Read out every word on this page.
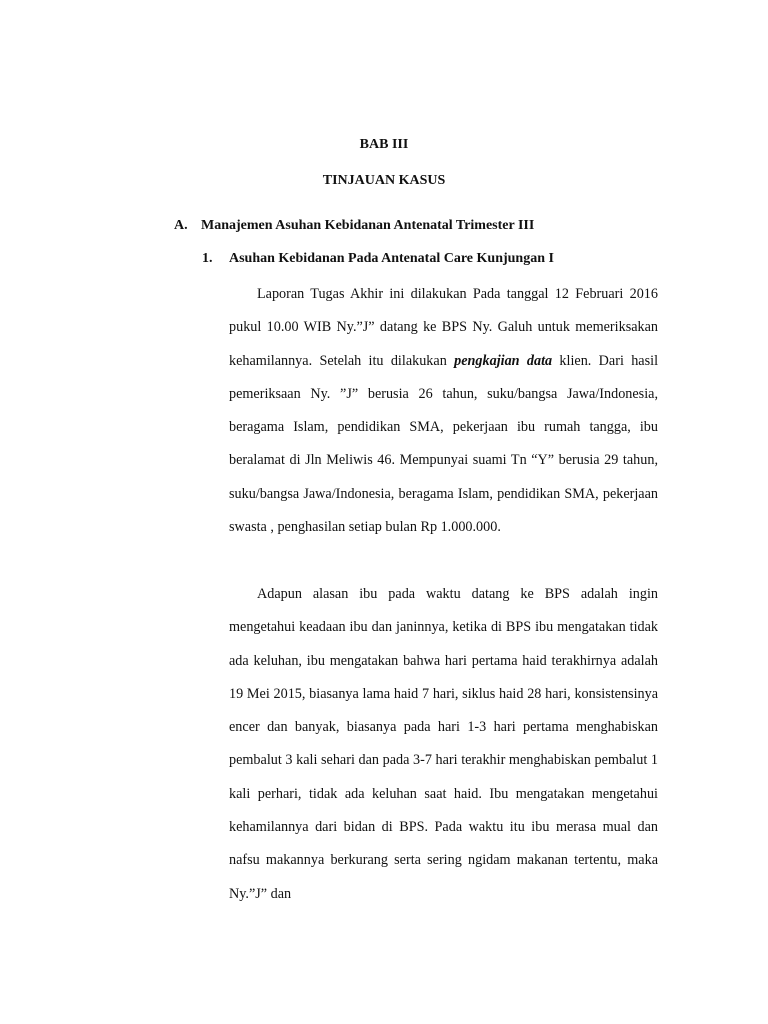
BAB III
TINJAUAN KASUS
A. Manajemen Asuhan Kebidanan Antenatal Trimester III
1. Asuhan Kebidanan Pada Antenatal Care Kunjungan I

Laporan Tugas Akhir ini dilakukan Pada tanggal 12 Februari 2016 pukul 10.00 WIB Ny.”J” datang ke BPS Ny. Galuh untuk memeriksakan kehamilannya. Setelah itu dilakukan pengkajian data klien. Dari hasil pemeriksaan Ny. ”J” berusia 26 tahun, suku/bangsa Jawa/Indonesia, beragama Islam, pendidikan SMA, pekerjaan ibu rumah tangga, ibu beralamat di Jln Meliwis 46. Mempunyai suami Tn “Y” berusia 29 tahun, suku/bangsa Jawa/Indonesia, beragama Islam, pendidikan SMA, pekerjaan swasta , penghasilan setiap bulan Rp 1.000.000.

Adapun alasan ibu pada waktu datang ke BPS adalah ingin mengetahui keadaan ibu dan janinnya, ketika di BPS ibu mengatakan tidak ada keluhan, ibu mengatakan bahwa hari pertama haid terakhirnya adalah 19 Mei 2015, biasanya lama haid 7 hari, siklus haid 28 hari, konsistensinya encer dan banyak, biasanya pada hari 1-3 hari pertama menghabiskan pembalut 3 kali sehari dan pada 3-7 hari terakhir menghabiskan pembalut 1 kali perhari, tidak ada keluhan saat haid. Ibu mengatakan mengetahui kehamilannya dari bidan di BPS. Pada waktu itu ibu merasa mual dan nafsu makannya berkurang serta sering ngidam makanan tertentu, maka Ny.”J” dan
